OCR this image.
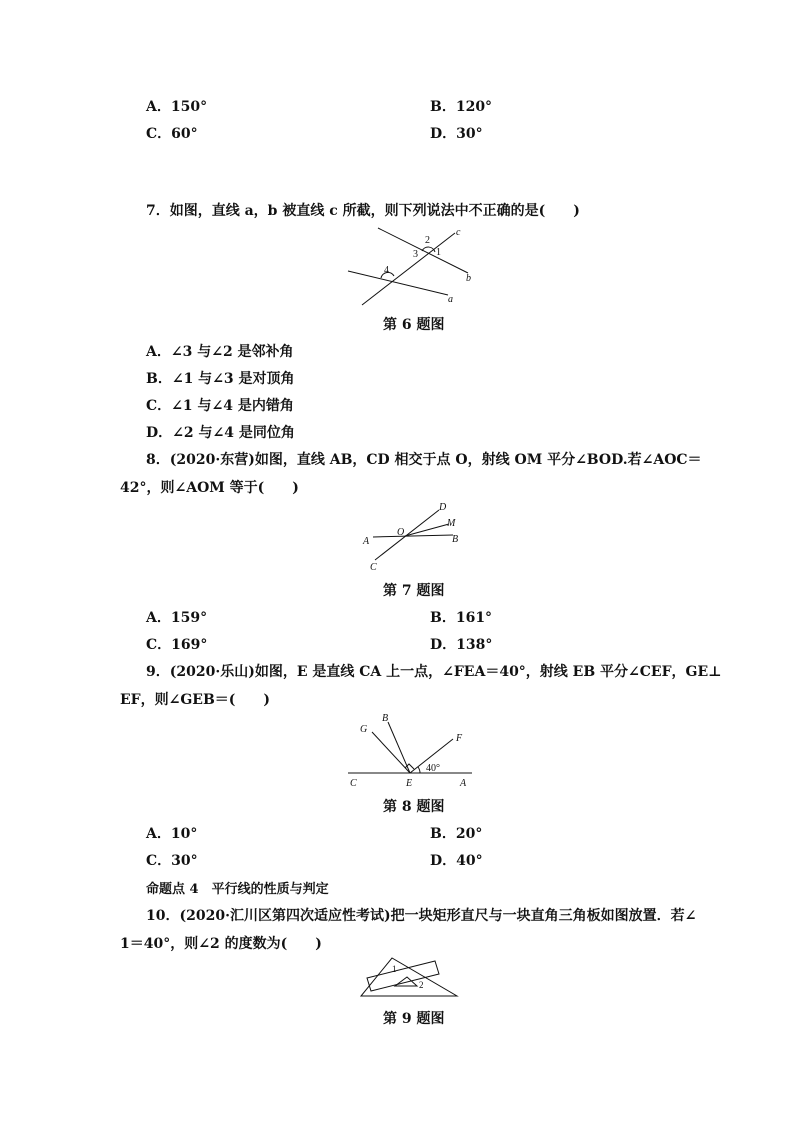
A．150°	B．120°
C．60°	D．30°
7．如图，直线 a，b 被直线 c 所截，则下列说法中不正确的是(　　)
c
b
a
2
1
3
4
第 6 题图
A．∠3 与∠2 是邻补角
B．∠1 与∠3 是对顶角
C．∠1 与∠4 是内错角
D．∠2 与∠4 是同位角
8．(2020·东营)如图，直线 AB，CD 相交于点 O，射线 OM 平分∠BOD.若∠AOC＝
42°，则∠AOM 等于(　　)
D
M
O
B
A
C
第 7 题图
A．159°	B．161°
C．169°	D．138°
9．(2020·乐山)如图，E 是直线 CA 上一点，∠FEA＝40°，射线 EB 平分∠CEF，GE⊥
EF，则∠GEB＝(　　)
G
B
F
40°
C	E	A
第 8 题图
A．10°	B．20°
C．30°	D．40°
命题点 4　平行线的性质与判定
10．(2020·汇川区第四次适应性考试)把一块矩形直尺与一块直角三角板如图放置．若∠
1＝40°，则∠2 的度数为(　　)
1
2
第 9 题图
